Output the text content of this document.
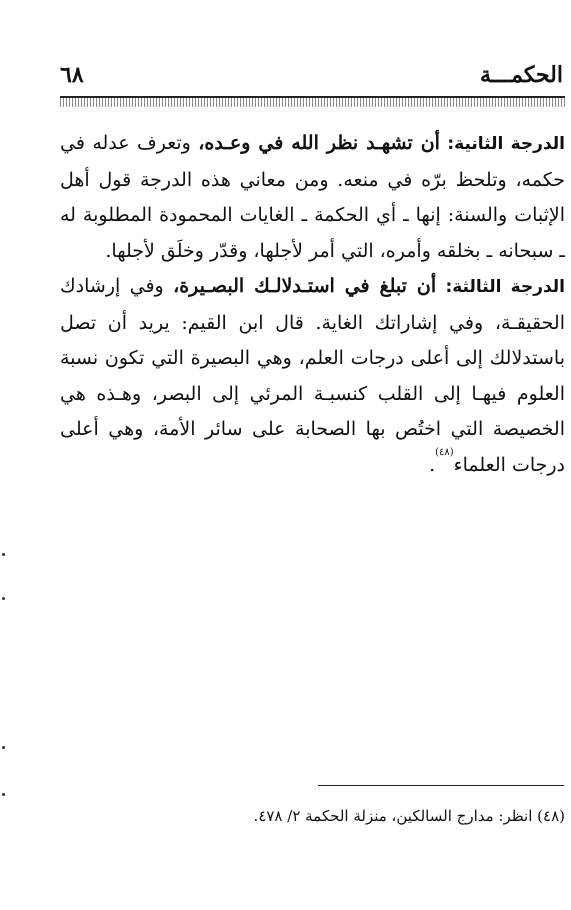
٦٨	الحكمـــة

الدرجة الثانية: أن تشهـد نظر الله في وعـده، وتعرف عدله في حكمه، وتلحظ برّه في منعه. ومن معاني هذه الدرجة قول أهل الإثبات والسنة: إنها ـ أي الحكمة ـ الغايات المحمودة المطلوبة له ـ سبحانه ـ بخلقه وأمره، التي أمر لأجلها، وقدّر وخلَق لأجلها.

الدرجة الثالثة: أن تبلغ في استـدلالـك البصـيرة، وفي إرشادك الحقيقـة، وفي إشاراتك الغاية. قال ابن القيم: يريد أن تصل باستدلالك إلى أعلى درجات العلم، وهي البصيرة التي تكون نسبة العلوم فيهـا إلى القلب كنسبـة المرئي إلى البصر، وهـذه هي الخصيصة التي اختُص بها الصحابة على سائر الأمة، وهي أعلى درجات العلماء$^{(٤٨)}$.

(٤٨) انظر: مدارج السالكين، منزلة الحكمة ٢/ ٤٧٨.
